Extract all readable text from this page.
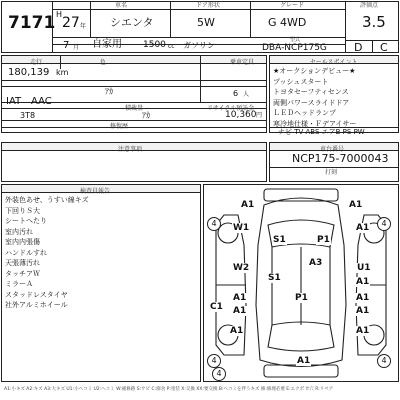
7171
車名	ドア形状	グレード	評価点
H
27 年 シエンタ	5W	G 4WD	3.5
7 月 自家用 1500 cc ガソリン
型式
DBA-NCP175G D C
走行	色	乗車定員
180,139 km
ｱｶ	6 人
IAT AAC
積載量	リサイクル預託金
3T8	ｱｶ	10,360 円
修復歴
セールスポイント
★オークションデビュー★
プッシュスタート
トヨタセーフティセンス
両側パワースライドドア
ＬＥＤヘッドランプ
寒冷地仕様・Ｆデアイサー
ナビ TV ABS エアB PS PW
注意事項	車台番号
NCP175-7000043
打刻
検査員報告
外装色あせ、うすい線キズ
下回りＳ大
シートへたり
室内汚れ
室内内張傷
ハンドルすれ
天張薄汚れ
タッチアＷ
ミラーＡ
スタッドレスタイヤ
社外アルミホイール
A1	A1
W1
S1	P1
A1
A3
W2
S1
U1
A1
A1	P1	A1
C1 A1	A1
A1	A1
A1
4	4
4	4
4
A1:小キズ A2:キズ A3:大キズ U1:小ヘコミ U2:ヘコミ W:補修跡 S:サビ C:腐食 P:塗装 X:交換 XX:要交換 B:ヘコミを伴うキズ 修:修理必要 E:エクボ Y:穴 R:リペア
